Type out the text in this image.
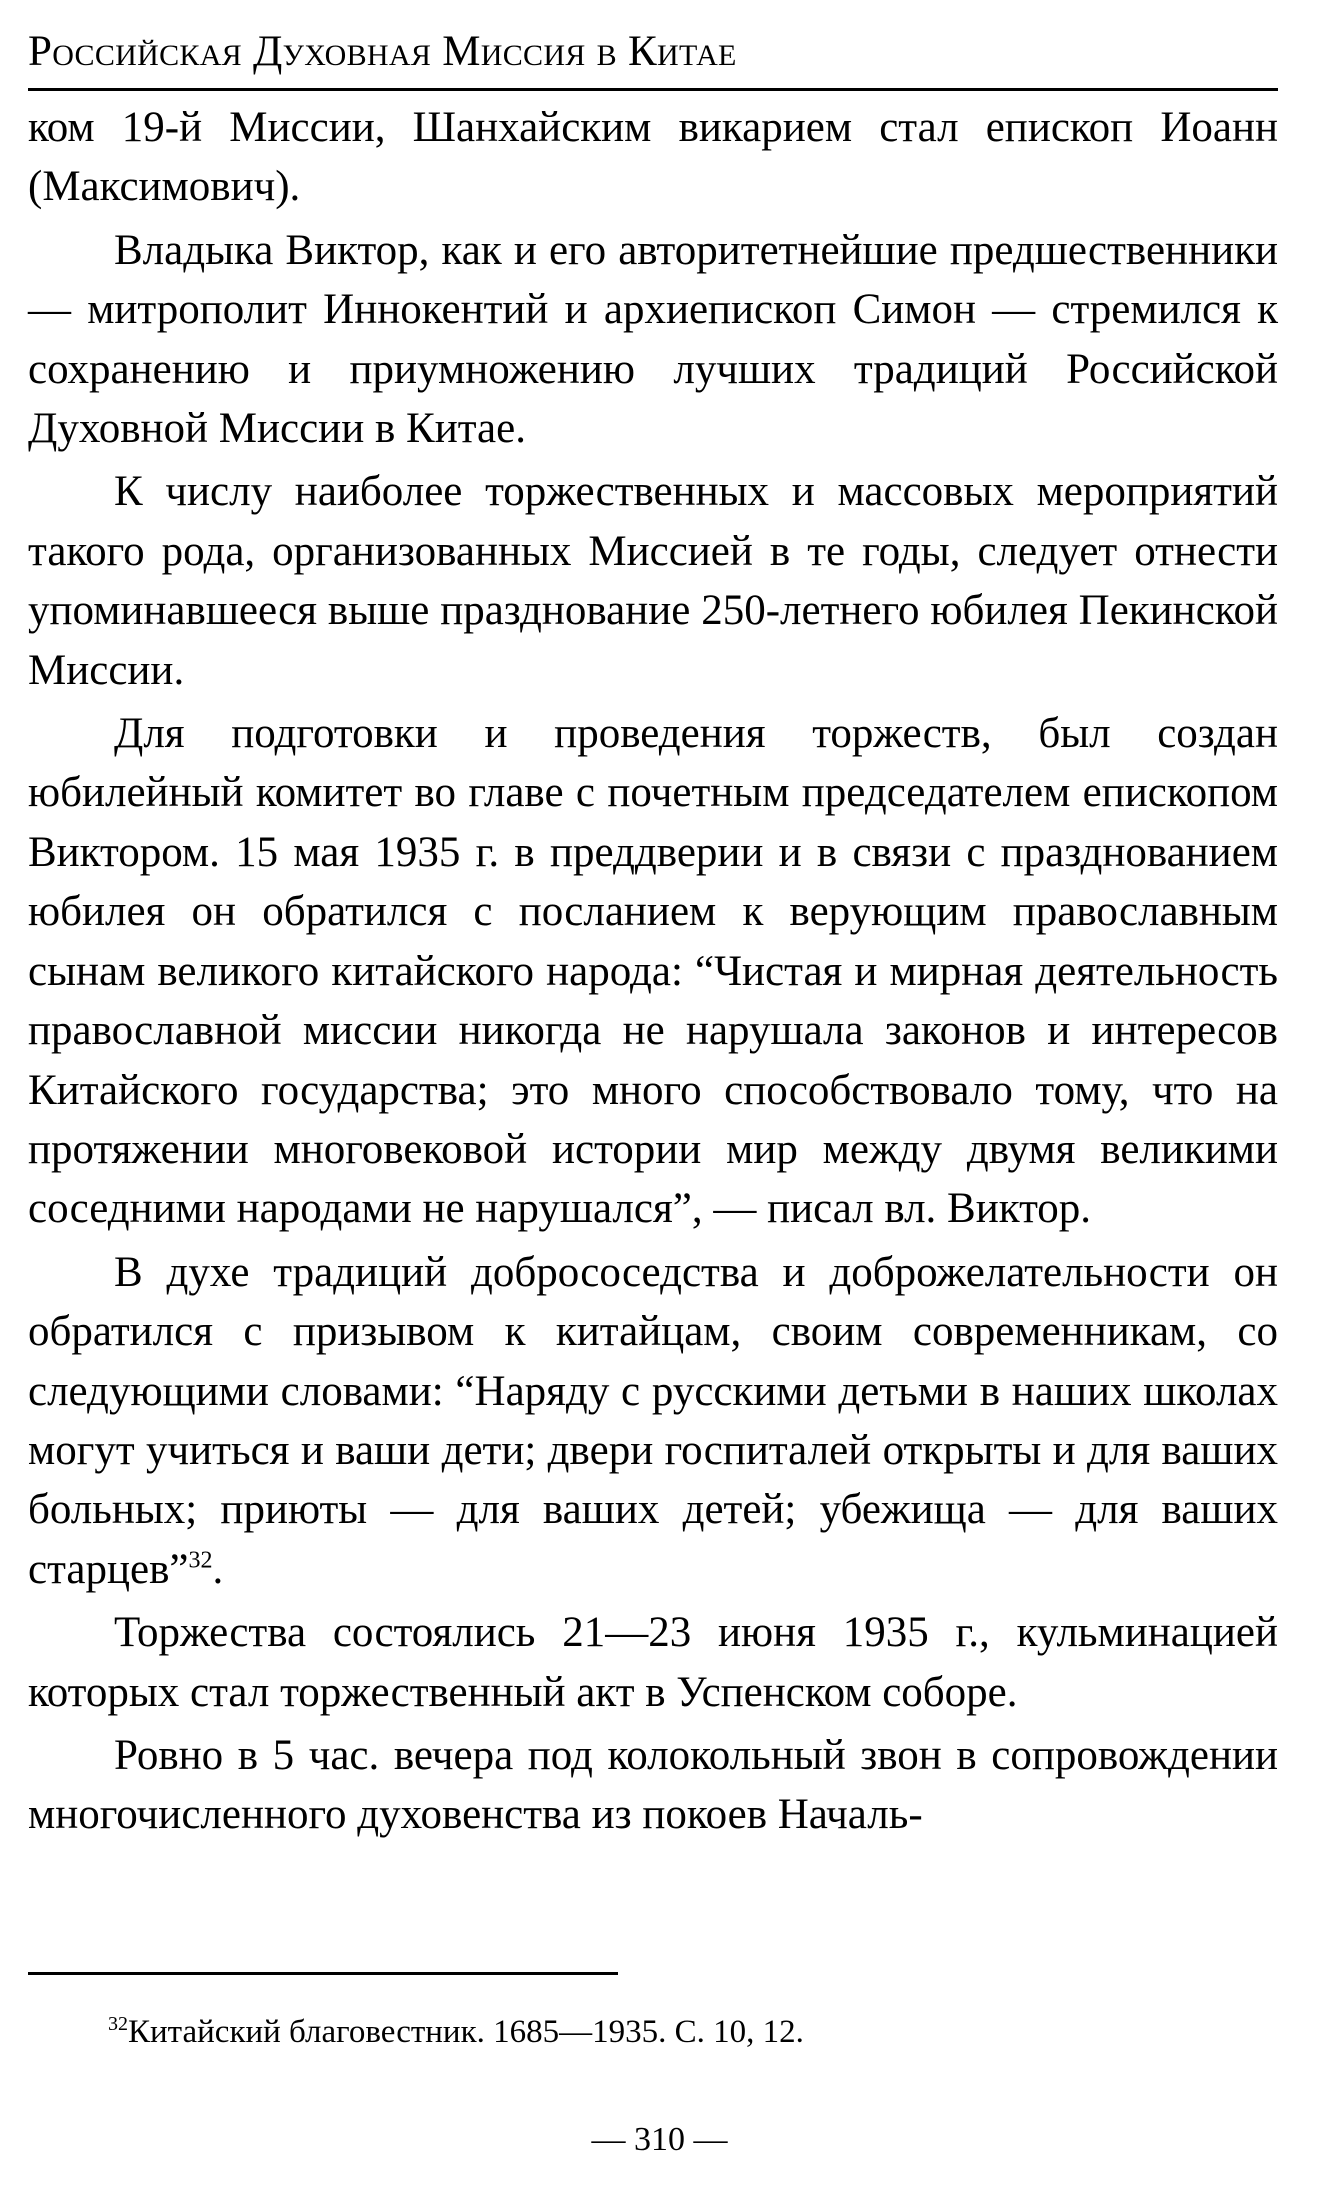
Российская Духовная Миссия в Китае

ком 19-й Миссии, Шанхайским викарием стал епископ Иоанн (Максимович).

Владыка Виктор, как и его авторитетнейшие предшественники — митрополит Иннокентий и архиепископ Симон — стремился к сохранению и приумножению лучших традиций Российской Духовной Миссии в Китае.

К числу наиболее торжественных и массовых мероприятий такого рода, организованных Миссией в те годы, следует отнести упоминавшееся выше празднование 250-летнего юбилея Пекинской Миссии.

Для подготовки и проведения торжеств, был создан юбилейный комитет во главе с почетным председателем епископом Виктором. 15 мая 1935 г. в преддверии и в связи с празднованием юбилея он обратился с посланием к верующим православным сынам великого китайского народа: “Чистая и мирная деятельность православной миссии никогда не нарушала законов и интересов Китайского государства; это много способствовало тому, что на протяжении многовековой истории мир между двумя великими соседними народами не нарушался”, — писал вл. Виктор.

В духе традиций добрососедства и доброжелательности он обратился с призывом к китайцам, своим современникам, со следующими словами: “Наряду с русскими детьми в наших школах могут учиться и ваши дети; двери госпиталей открыты и для ваших больных; приюты — для ваших детей; убежища — для ваших старцев”$^{32}$.

Торжества состоялись 21—23 июня 1935 г., кульминацией которых стал торжественный акт в Успенском соборе.

Ровно в 5 час. вечера под колокольный звон в сопровождении многочисленного духовенства из покоев Началь-

$^{32}$Китайский благовестник. 1685—1935. С. 10, 12.
— 310 —
